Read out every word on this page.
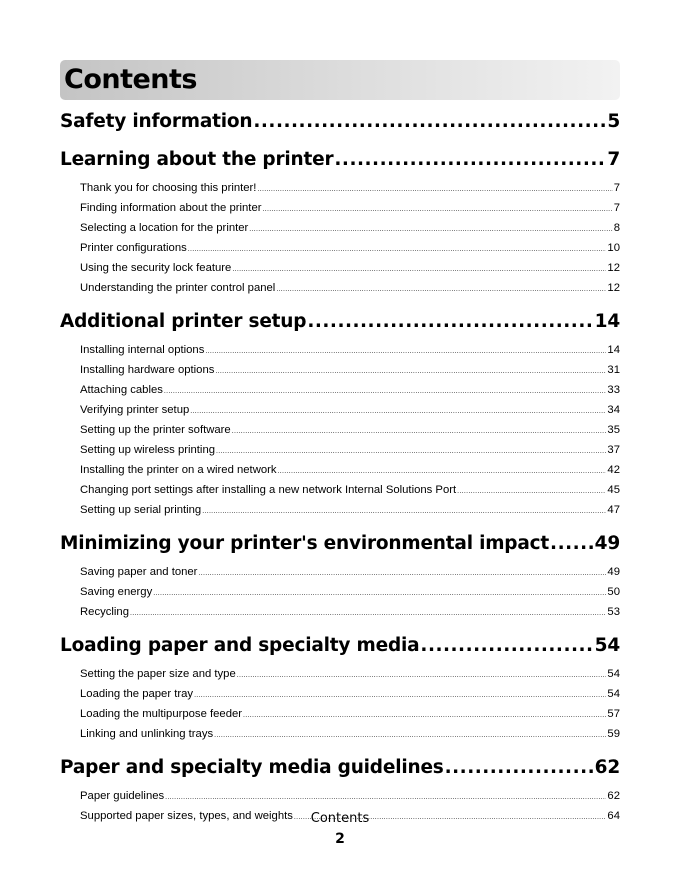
Contents
Safety information .....	5
Learning about the printer .....	7
Thank you for choosing this printer! .....	7
Finding information about the printer .....	7
Selecting a location for the printer .....	8
Printer configurations .....	10
Using the security lock feature .....	12
Understanding the printer control panel .....	12
Additional printer setup .....	14
Installing internal options .....	14
Installing hardware options .....	31
Attaching cables .....	33
Verifying printer setup .....	34
Setting up the printer software .....	35
Setting up wireless printing .....	37
Installing the printer on a wired network .....	42
Changing port settings after installing a new network Internal Solutions Port .....	45
Setting up serial printing .....	47
Minimizing your printer's environmental impact ..... 49
Saving paper and toner .....	49
Saving energy .....	50
Recycling .....	53
Loading paper and specialty media .....	54
Setting the paper size and type .....	54
Loading the paper tray .....	54
Loading the multipurpose feeder .....	57
Linking and unlinking trays .....	59
Paper and specialty media guidelines .....	62
Paper guidelines .....	62
Supported paper sizes, types, and weights .....	64
Contents
2
